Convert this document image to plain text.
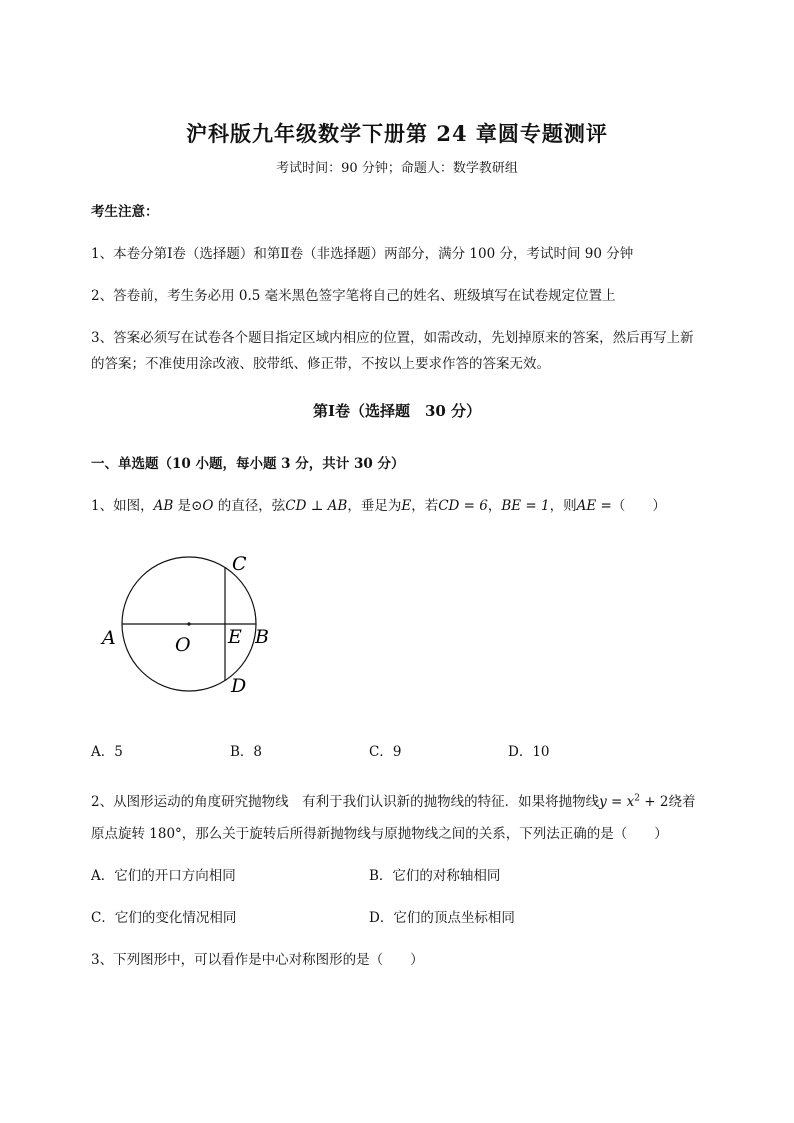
沪科版九年级数学下册第 24 章圆专题测评
考试时间：90 分钟；命题人：数学教研组
考生注意：
1、本卷分第Ⅰ卷（选择题）和第Ⅱ卷（非选择题）两部分，满分 100 分，考试时间 90 分钟
2、答卷前，考生务必用 0.5 毫米黑色签字笔将自己的姓名、班级填写在试卷规定位置上
3、答案必须写在试卷各个题目指定区域内相应的位置，如需改动，先划掉原来的答案，然后再写上新
的答案；不准使用涂改液、胶带纸、修正带，不按以上要求作答的答案无效。
第Ⅰ卷（选择题　30 分）
一、单选题（10 小题，每小题 3 分，共计 30 分）
1、如图，AB 是⊙O 的直径，弦CD ⊥ AB，垂足为E，若CD = 6，BE = 1，则AE =（　　）
A	O E B
C
D
A．5	B．8	C．9	D．10
2、从图形运动的角度研究抛物线　有利于我们认识新的抛物线的特征．如果将抛物线$y = x^2 + 2$绕着
原点旋转 180°，那么关于旋转后所得新抛物线与原抛物线之间的关系，下列法正确的是（　　）
A．它们的开口方向相同	B．它们的对称轴相同
C．它们的变化情况相同	D．它们的顶点坐标相同
3、下列图形中，可以看作是中心对称图形的是（　　）
